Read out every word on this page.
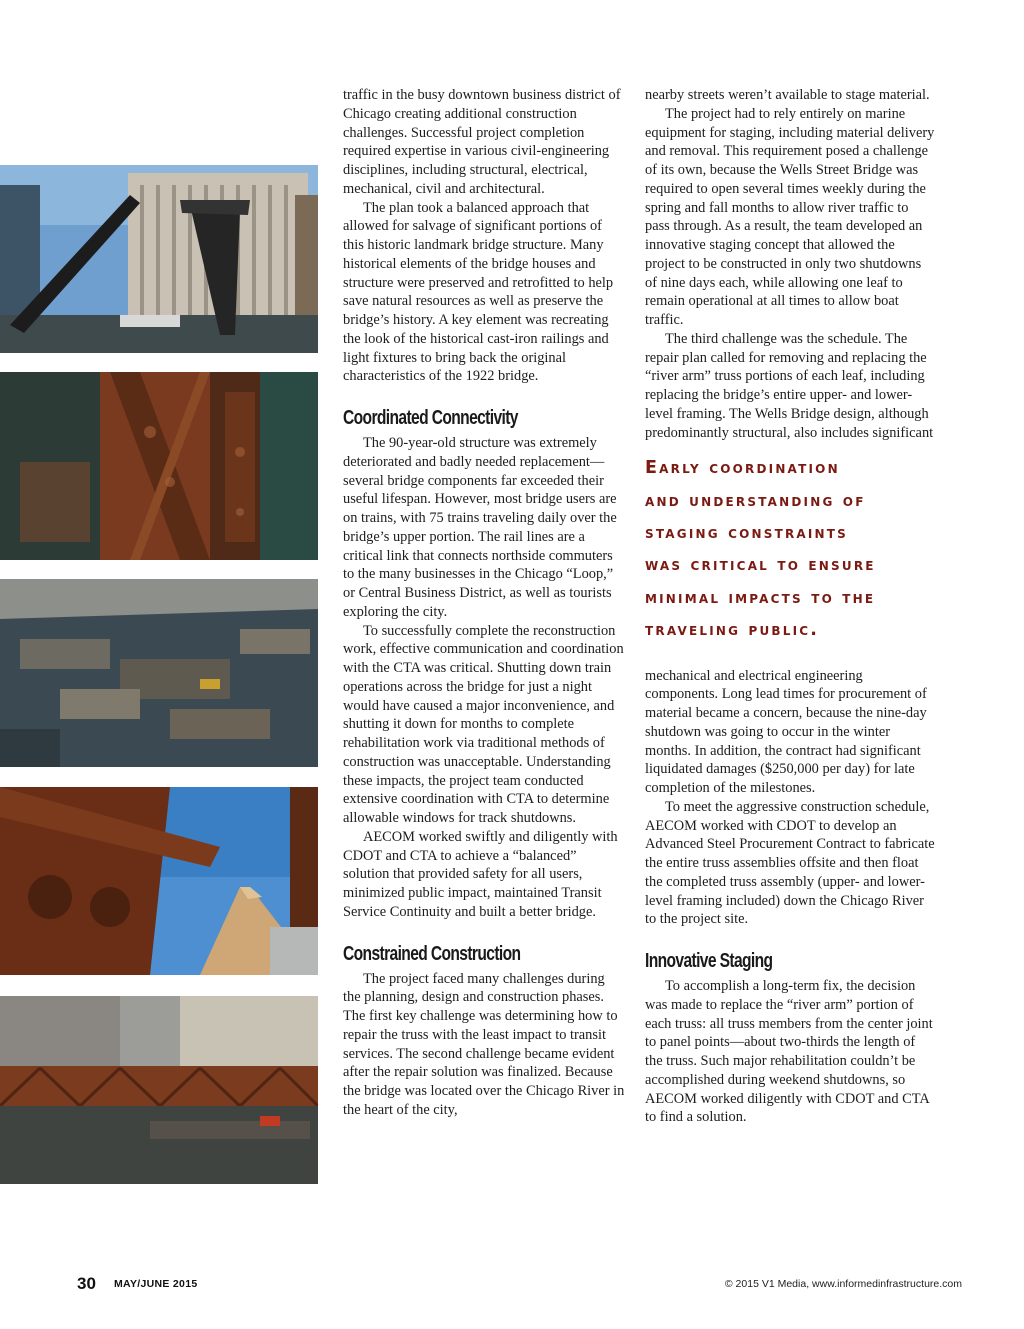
traffic in the busy downtown business district of Chicago creating additional construction challenges. Successful project completion required expertise in various civil-engineering disciplines, including structural, electrical, mechanical, civil and architectural.

The plan took a balanced approach that allowed for salvage of significant portions of this historic landmark bridge structure. Many historical elements of the bridge houses and structure were preserved and retrofitted to help save natural resources as well as preserve the bridge’s history. A key element was recreating the look of the historical cast-iron railings and light fixtures to bring back the original characteristics of the 1922 bridge.

Coordinated Connectivity

The 90-year-old structure was extremely deteriorated and badly needed replacement—several bridge components far exceeded their useful lifespan. However, most bridge users are on trains, with 75 trains traveling daily over the bridge’s upper portion. The rail lines are a critical link that connects northside commuters to the many businesses in the Chicago “Loop,” or Central Business District, as well as tourists exploring the city.

To successfully complete the reconstruction work, effective communication and coordination with the CTA was critical. Shutting down train operations across the bridge for just a night would have caused a major inconvenience, and shutting it down for months to complete rehabilitation work via traditional methods of construction was unacceptable. Understanding these impacts, the project team conducted extensive coordination with CTA to determine allowable windows for track shutdowns.

AECOM worked swiftly and diligently with CDOT and CTA to achieve a “balanced” solution that provided safety for all users, minimized public impact, maintained Transit Service Continuity and built a better bridge.

Constrained Construction

The project faced many challenges during the planning, design and construction phases. The first key challenge was determining how to repair the truss with the least impact to transit services. The second challenge became evident after the repair solution was finalized. Because the bridge was located over the Chicago River in the heart of the city,

nearby streets weren’t available to stage material.

The project had to rely entirely on marine equipment for staging, including material delivery and removal. This requirement posed a challenge of its own, because the Wells Street Bridge was required to open several times weekly during the spring and fall months to allow river traffic to pass through. As a result, the team developed an innovative staging concept that allowed the project to be constructed in only two shutdowns of nine days each, while allowing one leaf to remain operational at all times to allow boat traffic.

The third challenge was the schedule. The repair plan called for removing and replacing the “river arm” truss portions of each leaf, including replacing the bridge’s entire upper- and lower-level framing. The Wells Bridge design, although predominantly structural, also includes significant

Early coordination
and understanding of
staging constraints
was critical to ensure
minimal impacts to the
traveling public.

mechanical and electrical engineering components. Long lead times for procurement of material became a concern, because the nine-day shutdown was going to occur in the winter months. In addition, the contract had significant liquidated damages ($250,000 per day) for late completion of the milestones.

To meet the aggressive construction schedule, AECOM worked with CDOT to develop an Advanced Steel Procurement Contract to fabricate the entire truss assemblies offsite and then float the completed truss assembly (upper- and lower-level framing included) down the Chicago River to the project site.

Innovative Staging

To accomplish a long-term fix, the decision was made to replace the “river arm” portion of each truss: all truss members from the center joint to panel points—about two-thirds the length of the truss. Such major rehabilitation couldn’t be accomplished during weekend shutdowns, so AECOM worked diligently with CDOT and CTA to find a solution.

30 MAY/JUNE 2015	© 2015 V1 Media, www.informedinfrastructure.com
